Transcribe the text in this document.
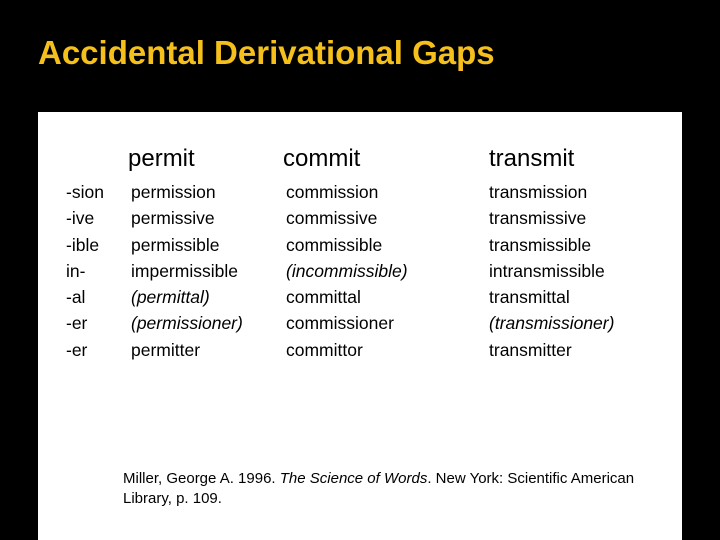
Accidental Derivational Gaps
permit	commit	transmit
-sion
-ive
-ible
in-
-al
-er
-er
permission
permissive
permissible
impermissible
(permittal)
(permissioner)
permitter
commission
commissive
commissible
(incommissible)
committal
commissioner
committor
transmission
transmissive
transmissible
intransmissible
transmittal
(transmissioner)
transmitter
Miller, George A. 1996. The Science of Words. New York: Scientific American Library, p. 109.
